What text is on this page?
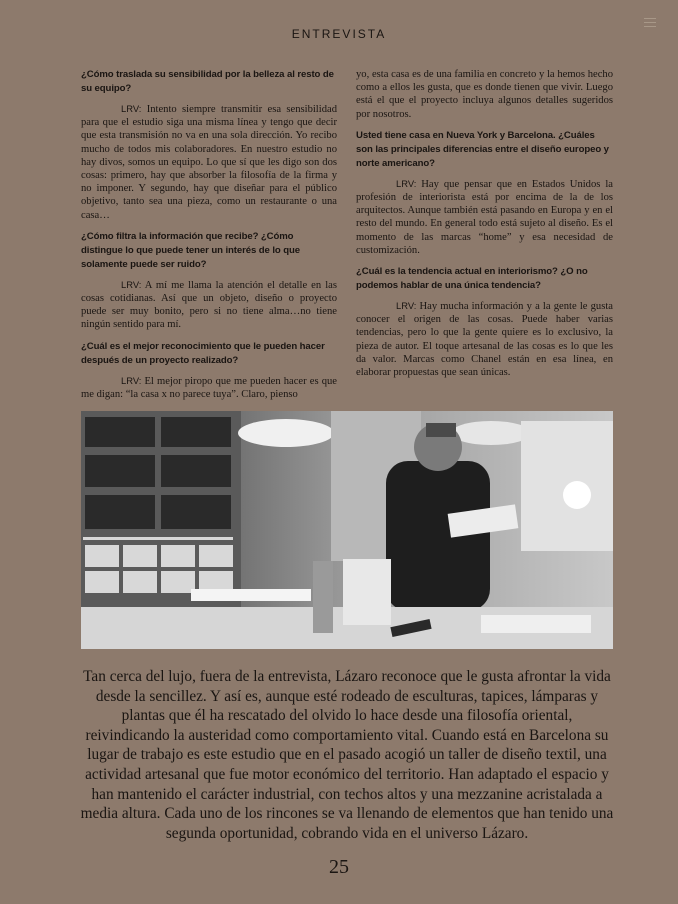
ENTREVISTA

¿Cómo traslada su sensibilidad por la belleza al resto de su equipo?

LRV: Intento siempre transmitir esa sensibilidad para que el estudio siga una misma línea y tengo que decir que esta transmisión no va en una sola dirección. Yo recibo mucho de todos mis colaboradores. En nuestro estudio no hay divos, somos un equipo. Lo que sí que les digo son dos cosas: primero, hay que absorber la filosofía de la firma y no imponer. Y segundo, hay que diseñar para el público objetivo, tanto sea una pieza, como un restaurante o una casa…

¿Cómo filtra la información que recibe? ¿Cómo distingue lo que puede tener un interés de lo que solamente puede ser ruido?

LRV: A mí me llama la atención el detalle en las cosas cotidianas. Así que un objeto, diseño o proyecto puede ser muy bonito, pero si no tiene alma…no tiene ningún sentido para mí.

¿Cuál es el mejor reconocimiento que le pueden hacer después de un proyecto realizado?

LRV: El mejor piropo que me pueden hacer es que me digan: “la casa x no parece tuya”. Claro, pienso

yo, esta casa es de una familia en concreto y la hemos hecho como a ellos les gusta, que es donde tienen que vivir. Luego está el que el proyecto incluya algunos detalles sugeridos por nosotros.

Usted tiene casa en Nueva York y Barcelona. ¿Cuáles son las principales diferencias entre el diseño europeo y norte americano?

LRV: Hay que pensar que en Estados Unidos la profesión de interiorista está por encima de la de los arquitectos. Aunque también está pasando en Europa y en el resto del mundo. En general todo está sujeto al diseño. Es el momento de las marcas “home” y esa necesidad de customización.

¿Cuál es la tendencia actual en interiorismo? ¿O no podemos hablar de una única tendencia?

LRV: Hay mucha información y a la gente le gusta conocer el origen de las cosas. Puede haber varias tendencias, pero lo que la gente quiere es lo exclusivo, la pieza de autor. El toque artesanal de las cosas es lo que les da valor. Marcas como Chanel están en esa línea, en elaborar propuestas que sean únicas.

Tan cerca del lujo, fuera de la entrevista, Lázaro reconoce que le gusta afrontar la vida desde la sencillez. Y así es, aunque esté rodeado de esculturas, tapices, lámparas y plantas que él ha rescatado del olvido lo hace desde una filosofía oriental, reivindicando la austeridad como comportamiento vital. Cuando está en Barcelona su lugar de trabajo es este estudio que en el pasado acogió un taller de diseño textil, una actividad artesanal que fue motor económico del territorio. Han adaptado el espacio y han mantenido el carácter industrial, con techos altos y una mezzanine acristalada a media altura. Cada uno de los rincones se va llenando de elementos que han tenido una segunda oportunidad, cobrando vida en el universo Lázaro.
25
